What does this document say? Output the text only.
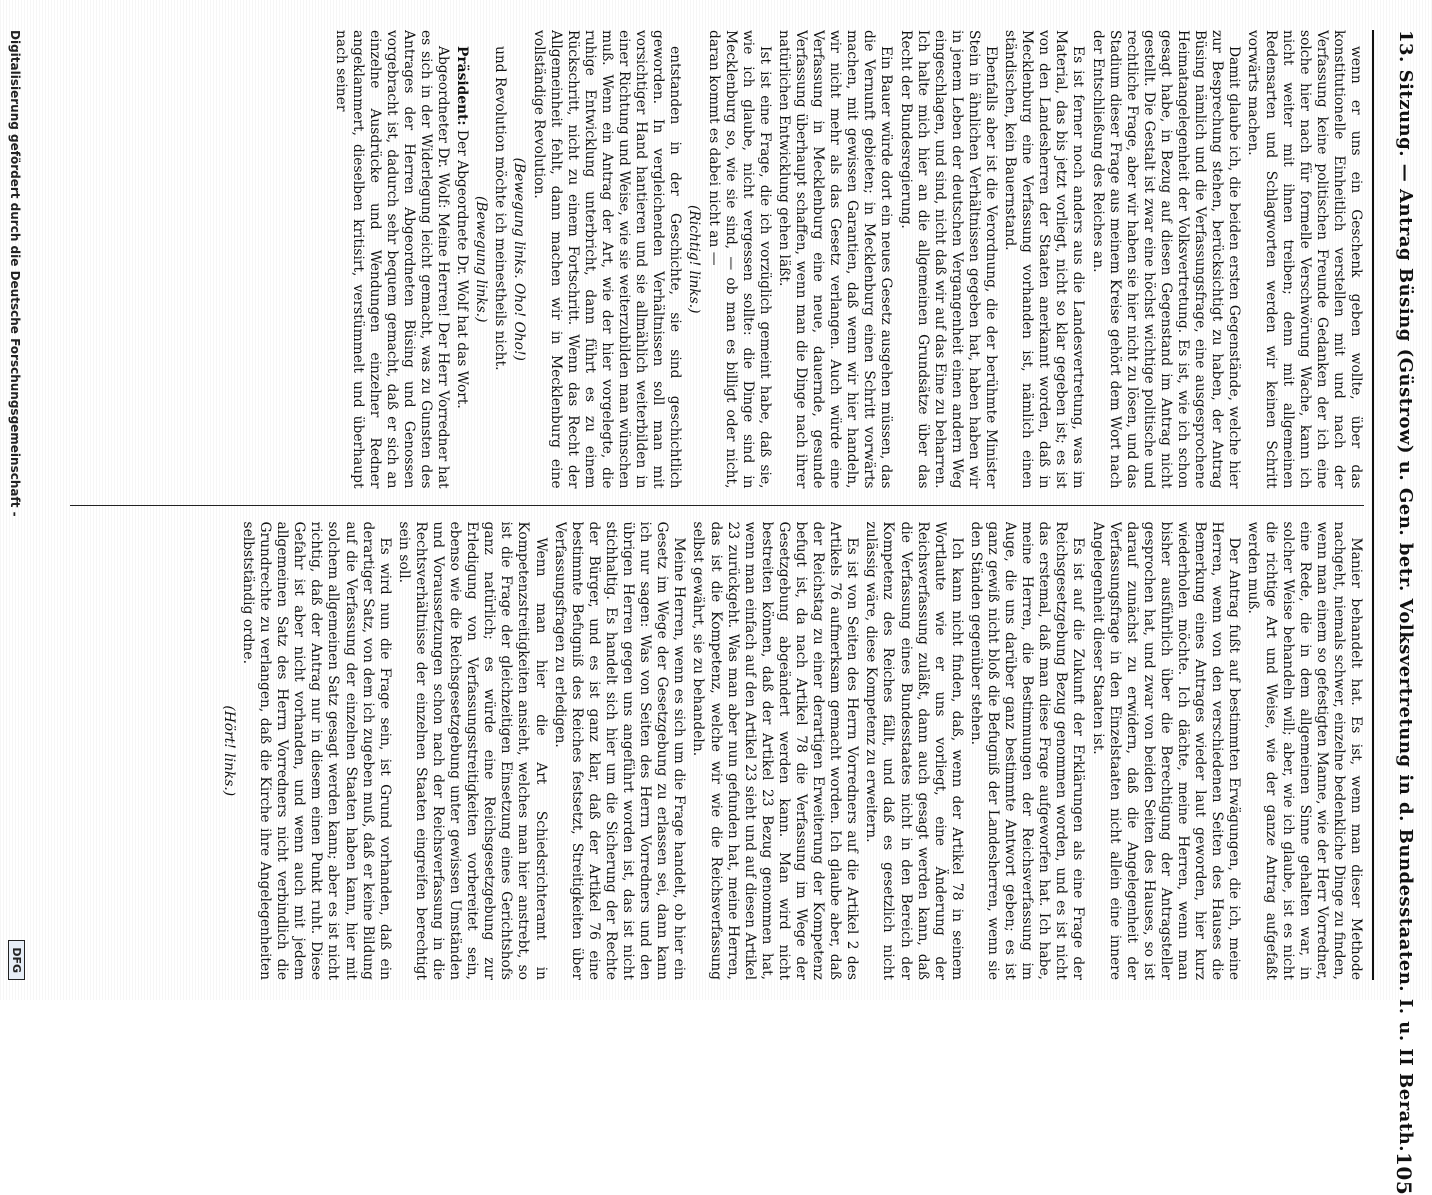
13. Sitzung. — Antrag Büsing (Güstrow) u. Gen. betr. Volksvertretung in d. Bundesstaaten. I. u. II Berath.
105

wenn er uns ein Geschenk geben wollte, über das konstitutionelle Einheitlich verstellen mit und nach der Verfassung keine politischen Freunde Gedanken der ich eine solche hier nach für formelle Verschwörung Wache, kann ich nicht weiter mit ihnen treiben; denn mit allgemeinen Redensarten und Schlagworten werden wir keinen Schritt vorwärts machen.

Damit glaube ich, die beiden ersten Gegenstände, welche hier zur Besprechung stehen, berücksichtigt zu haben, der Antrag Büsing nämlich und die Verfassungsfrage, eine ausgesprochene Heimatangelegenheit der Volksvertretung. Es ist, wie ich schon gesagt habe, in Bezug auf diesen Gegenstand im Antrag nicht gestellt. Die Gestalt ist zwar eine höchst wichtige politische und rechtliche Frage, aber wir haben sie hier nicht zu lösen, und das Stadium dieser Frage aus meinem Kreise gehört dem Wort nach der Entschließung des Reiches an.

Es ist ferner noch anders aus die Landesvertretung, was im Material, das bis jetzt vorliegt, nicht so klar gegeben ist; es ist von den Landesherren der Staaten anerkannt worden, daß in Mecklenburg eine Verfassung vorhanden ist, nämlich einen ständischen, kein Bauernstand.

Ebenfalls aber ist die Verordnung, die der berühmte Minister Stein in ähnlichen Verhältnissen gegeben hat, haben haben wir in jenem Leben der deutschen Vergangenheit einen andern Weg eingeschlagen, und sind, nicht daß wir auf das Eine zu beharren. Ich halte mich hier an die allgemeinen Grundsätze über das Recht der Bundesregierung.

Ein Bauer würde dort ein neues Gesetz ausgehen müssen, das die Vernunft gebieten; in Mecklenburg einen Schritt vorwärts machen, mit gewissen Garantien, daß wenn wir hier handeln, wir nicht mehr als das Gesetz verlangen. Auch würde eine Verfassung in Mecklenburg eine neue, dauernde, gesunde Verfassung überhaupt schaffen, wenn man die Dinge nach ihrer natürlichen Entwicklung gehen läßt.

Ist ist eine Frage, die ich vorzüglich gemeint habe, daß sie, wie ich glaube, nicht vergessen sollte: die Dinge sind in Mecklenburg so, wie sie sind, — ob man es billigt oder nicht, daran kommt es dabei nicht an —

(Richtig! links.)

entstanden in der Geschichte, sie sind geschichtlich geworden. In vergleichenden Verhältnissen soll man mit vorsichtiger Hand hantieren und sie allmählich weiterbilden in einer Richtung und Weise, wie sie weiterzubilden man wünschen muß. Wenn ein Antrag der Art, wie der hier vorgelegte, die ruhige Entwicklung unterbricht, dann führt es zu einem Rückschritt, nicht zu einem Fortschritt. Wenn das Recht der Allgemeinheit fehlt, dann machen wir in Mecklenburg eine vollständige Revolution.

(Bewegung links. Oho! Oho!)

und Revolution möchte ich meinestheils nicht.

(Bewegung links.)

Präsident: Der Abgeordnete Dr. Wolf hat das Wort.

Abgeordneter Dr. Wolf: Meine Herren! Der Herr Vorredner hat es sich in der Widerlegung leicht gemacht, was zu Gunsten des Antrages der Herren Abgeordneten Büsing und Genossen vorgebracht ist, dadurch sehr bequem gemacht, daß er sich an einzelne Ausdrücke und Wendungen einzelner Redner angeklammert, dieselben kritisirt, verstümmelt und überhaupt nach seiner

Manier behandelt hat. Es ist, wenn man dieser Methode nachgeht, niemals schwer, einzelne bedenkliche Dinge zu finden, wenn man einem so gefestigten Manne, wie der Herr Vorredner, eine Rede, die in dem allgemeinen Sinne gehalten war, in solcher Weise behandeln will; aber, wie ich glaube, ist es nicht die richtige Art und Weise, wie der ganze Antrag aufgefaßt werden muß.

Der Antrag fußt auf bestimmten Erwägungen, die ich, meine Herren, wenn von den verschiedenen Seiten des Hauses die Bemerkung eines Antrages wieder laut geworden, hier kurz wiederholen möchte. Ich dächte, meine Herren, wenn man bisher ausführlich über die Berechtigung der Antragsteller gesprochen hat, und zwar von beiden Seiten des Hauses, so ist darauf zunächst zu erwidern, daß die Angelegenheit der Verfassungsfrage in den Einzelstaaten nicht allein eine innere Angelegenheit dieser Staaten ist.

Es ist auf die Zukunft der Erklärungen als eine Frage der Reichsgesetzgebung Bezug genommen worden, und es ist nicht das erstemal, daß man diese Frage aufgeworfen hat. Ich habe, meine Herren, die Bestimmungen der Reichsverfassung im Auge, die uns darüber ganz bestimmte Antwort geben; es ist ganz gewiß nicht bloß die Befugniß der Landesherren, wenn sie den Ständen gegenüber stehen.

Ich kann nicht finden, daß, wenn der Artikel 78 in seinem Wortlaute wie er uns vorliegt, eine Änderung der Reichsverfassung zuläßt, dann auch gesagt werden kann, daß die Verfassung eines Bundesstaates nicht in den Bereich der Kompetenz des Reiches fällt, und daß es gesetzlich nicht zulässig wäre, diese Kompetenz zu erweitern.

Es ist von Seiten des Herrn Vorredners auf die Artikel 2 des Artikels 76 aufmerksam gemacht worden. Ich glaube aber, daß der Reichstag zu einer derartigen Erweiterung der Kompetenz befugt ist, da nach Artikel 78 die Verfassung im Wege der Gesetzgebung abgeändert werden kann. Man wird nicht bestreiten können, daß der Artikel 23 Bezug genommen hat, wenn man einfach auf den Artikel 23 sieht und auf diesen Artikel 23 zurückgeht. Was man aber nun gefunden hat, meine Herren, das ist die Kompetenz, welche wir wie die Reichsverfassung selbst gewährt, sie zu behandeln.

Meine Herren, wenn es sich um die Frage handelt, ob hier ein Gesetz im Wege der Gesetzgebung zu erlassen sei, dann kann ich nur sagen: Was von Seiten des Herrn Vorredners und den übrigen Herren gegen uns angeführt worden ist, das ist nicht stichhaltig. Es handelt sich hier um die Sicherung der Rechte der Bürger, und es ist ganz klar, daß der Artikel 76 eine bestimmte Befugniß des Reiches festsetzt, Streitigkeiten über Verfassungsfragen zu erledigen.

Wenn man hier die Art Schiedsrichteramt in Kompetenzstreitigkeiten ansieht, welches man hier anstrebt, so ist die Frage der gleichzeitigen Einsetzung eines Gerichtshofs ganz natürlich; es würde eine Reichsgesetzgebung zur Erledigung von Verfassungsstreitigkeiten vorbereitet sein, ebenso wie die Reichsgesetzgebung unter gewissen Umständen und Voraussetzungen schon nach der Reichsverfassung in die Rechtsverhältnisse der einzelnen Staaten eingreifen berechtigt sein soll.

Es wird nun die Frage sein, ist Grund vorhanden, daß ein derartiger Satz, von dem ich zugeben muß, daß er keine Bildung auf die Verfassung der einzelnen Staaten haben kann, hier mit solchem allgemeinen Satz gesagt werden kann; aber es ist nicht richtig, daß der Antrag nur in diesem einen Punkt ruht. Diese Gefahr ist aber nicht vorhanden, und wenn auch mit jedem allgemeinen Satz des Herrn Vorredners nicht verbindlich die Grundrechte zu verlangen, daß die Kirche ihre Angelegenheiten selbstständig ordne.

(Hört! links.)

Digitalisierung gefördert durch die Deutsche Forschungsgemeinschaft -
DFG
